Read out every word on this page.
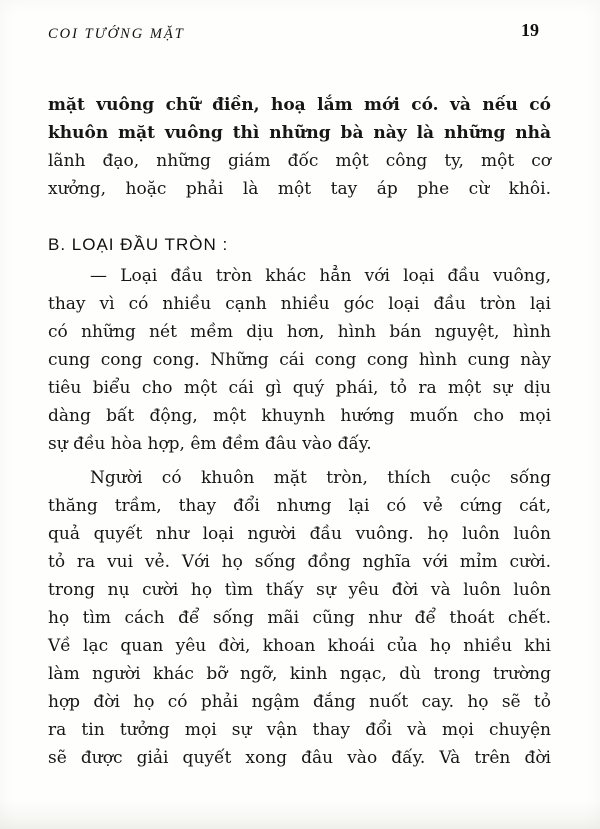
COI TƯỚNG MẶT	19
mặt vuông chữ điền, hoạ lắm mới có. và nếu có
khuôn mặt vuông thì những bà này là những nhà
lãnh đạo, những giám đốc một công ty, một cơ
xưởng, hoặc phải là một tay áp phe cừ khôi.
B. LOẠI ĐẦU TRÒN :
— Loại đầu tròn khác hẳn với loại đầu vuông,
thay vì có nhiều cạnh nhiều góc loại đầu tròn lại
có những nét mềm dịu hơn, hình bán nguyệt, hình
cung cong cong. Những cái cong cong hình cung này
tiêu biểu cho một cái gì quý phái, tỏ ra một sự dịu
dàng bất động, một khuynh hướng muốn cho mọi
sự đều hòa hợp, êm đềm đâu vào đấy.
Người có khuôn mặt tròn, thích cuộc sống
thăng trầm, thay đổi nhưng lại có vẻ cứng cát,
quả quyết như loại người đầu vuông. họ luôn luôn
tỏ ra vui vẻ. Với họ sống đồng nghĩa với mỉm cười.
trong nụ cười họ tìm thấy sự yêu đời và luôn luôn
họ tìm cách để sống mãi cũng như để thoát chết.
Về lạc quan yêu đời, khoan khoái của họ nhiều khi
làm người khác bỡ ngỡ, kinh ngạc, dù trong trường
hợp đời họ có phải ngậm đắng nuốt cay. họ sẽ tỏ
ra tin tưởng mọi sự vận thay đổi và mọi chuyện
sẽ được giải quyết xong đâu vào đấy. Và trên đời
